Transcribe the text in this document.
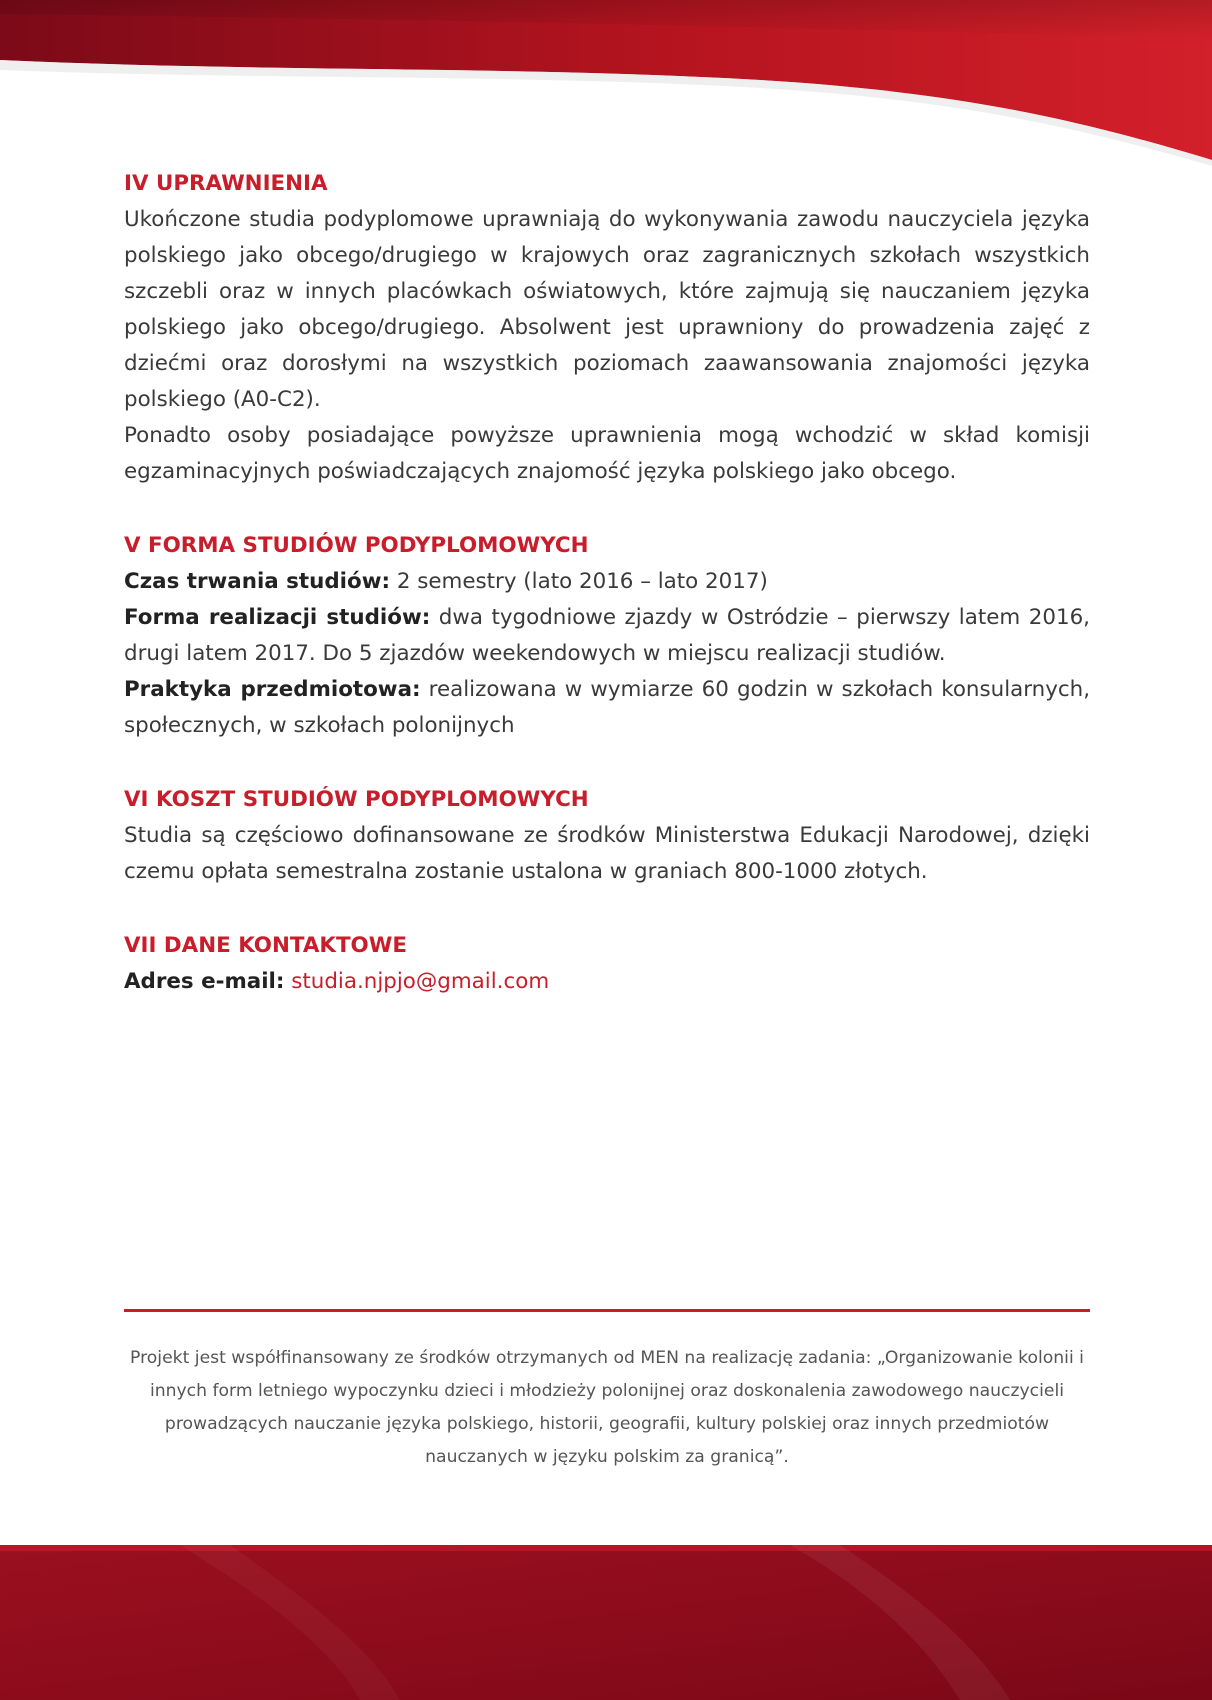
IV UPRAWNIENIA

Ukończone studia podyplomowe uprawniają do wykonywania zawodu nauczyciela języka polskiego jako obcego/drugiego w krajowych oraz zagranicznych szkołach wszystkich szczebli oraz w innych placówkach oświatowych, które zajmują się nauczaniem języka polskiego jako obcego/drugiego. Absolwent jest uprawniony do prowadzenia zajęć z dziećmi oraz dorosłymi na wszystkich poziomach zaawansowania znajomości języka polskiego (A0-C2).

Ponadto osoby posiadające powyższe uprawnienia mogą wchodzić w skład komisji egzaminacyjnych poświadczających znajomość języka polskiego jako obcego.

V FORMA STUDIÓW PODYPLOMOWYCH

Czas trwania studiów: 2 semestry (lato 2016 – lato 2017)

Forma realizacji studiów: dwa tygodniowe zjazdy w Ostródzie – pierwszy latem 2016, drugi latem 2017. Do 5 zjazdów weekendowych w miejscu realizacji studiów.

Praktyka przedmiotowa: realizowana w wymiarze 60 godzin w szkołach konsularnych, społecznych, w szkołach polonijnych

VI KOSZT STUDIÓW PODYPLOMOWYCH

Studia są częściowo dofinansowane ze środków Ministerstwa Edukacji Narodowej, dzięki czemu opłata semestralna zostanie ustalona w graniach 800-1000 złotych.

VII DANE KONTAKTOWE

Adres e-mail: studia.njpjo@gmail.com

Projekt jest współfinansowany ze środków otrzymanych od MEN na realizację zadania: „Organizowanie kolonii i innych form letniego wypoczynku dzieci i młodzieży polonijnej oraz doskonalenia zawodowego nauczycieli prowadzących nauczanie języka polskiego, historii, geografii, kultury polskiej oraz innych przedmiotów nauczanych w języku polskim za granicą”.
